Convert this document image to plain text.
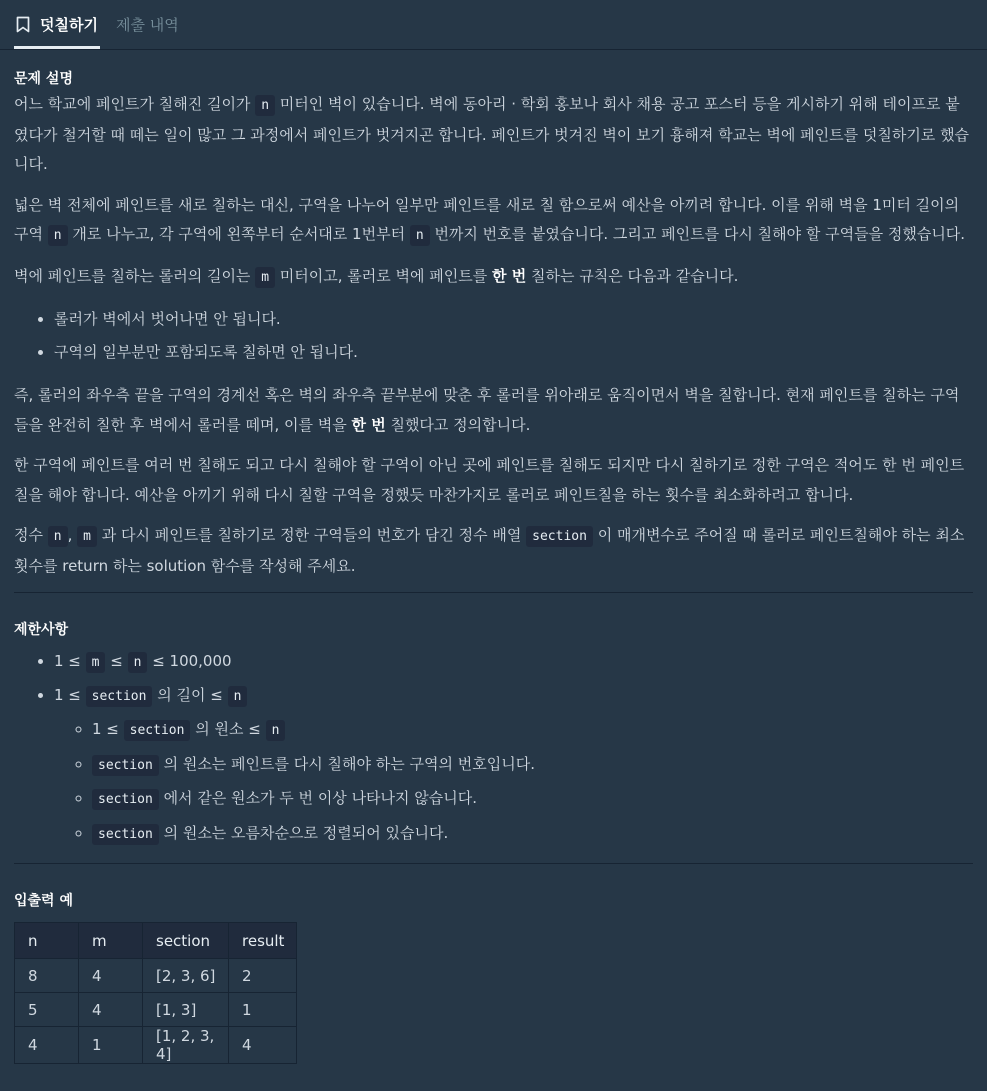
덧칠하기 제출 내역
문제 설명

어느 학교에 페인트가 칠해진 길이가 n 미터인 벽이 있습니다. 벽에 동아리 · 학회 홍보나 회사 채용 공고 포스터 등을 게시하기 위해 테이프로 붙였다가 철거할 때 떼는 일이 많고 그 과정에서 페인트가 벗겨지곤 합니다. 페인트가 벗겨진 벽이 보기 흉해져 학교는 벽에 페인트를 덧칠하기로 했습니다.

넓은 벽 전체에 페인트를 새로 칠하는 대신, 구역을 나누어 일부만 페인트를 새로 칠 함으로써 예산을 아끼려 합니다. 이를 위해 벽을 1미터 길이의 구역 n 개로 나누고, 각 구역에 왼쪽부터 순서대로 1번부터 n 번까지 번호를 붙였습니다. 그리고 페인트를 다시 칠해야 할 구역들을 정했습니다.

벽에 페인트를 칠하는 롤러의 길이는 m 미터이고, 롤러로 벽에 페인트를 한 번 칠하는 규칙은 다음과 같습니다.

• 롤러가 벽에서 벗어나면 안 됩니다.
• 구역의 일부분만 포함되도록 칠하면 안 됩니다.

즉, 롤러의 좌우측 끝을 구역의 경계선 혹은 벽의 좌우측 끝부분에 맞춘 후 롤러를 위아래로 움직이면서 벽을 칠합니다. 현재 페인트를 칠하는 구역들을 완전히 칠한 후 벽에서 롤러를 떼며, 이를 벽을 한 번 칠했다고 정의합니다.

한 구역에 페인트를 여러 번 칠해도 되고 다시 칠해야 할 구역이 아닌 곳에 페인트를 칠해도 되지만 다시 칠하기로 정한 구역은 적어도 한 번 페인트칠을 해야 합니다. 예산을 아끼기 위해 다시 칠할 구역을 정했듯 마찬가지로 롤러로 페인트칠을 하는 횟수를 최소화하려고 합니다.

정수 n , m 과 다시 페인트를 칠하기로 정한 구역들의 번호가 담긴 정수 배열 section 이 매개변수로 주어질 때 롤러로 페인트칠해야 하는 최소 횟수를 return 하는 solution 함수를 작성해 주세요.

제한사항
• 1 ≤ m ≤ n ≤ 100,000
• 1 ≤ section 의 길이 ≤ n
◦ 1 ≤ section 의 원소 ≤ n
◦ section 의 원소는 페인트를 다시 칠해야 하는 구역의 번호입니다.
◦ section 에서 같은 원소가 두 번 이상 나타나지 않습니다.
◦ section 의 원소는 오름차순으로 정렬되어 있습니다.
입출력 예
n	m	section	result
8	4	[2, 3, 6]	2
5	4	[1, 3]	1
4	1	[1, 2, 3, 4]	4
